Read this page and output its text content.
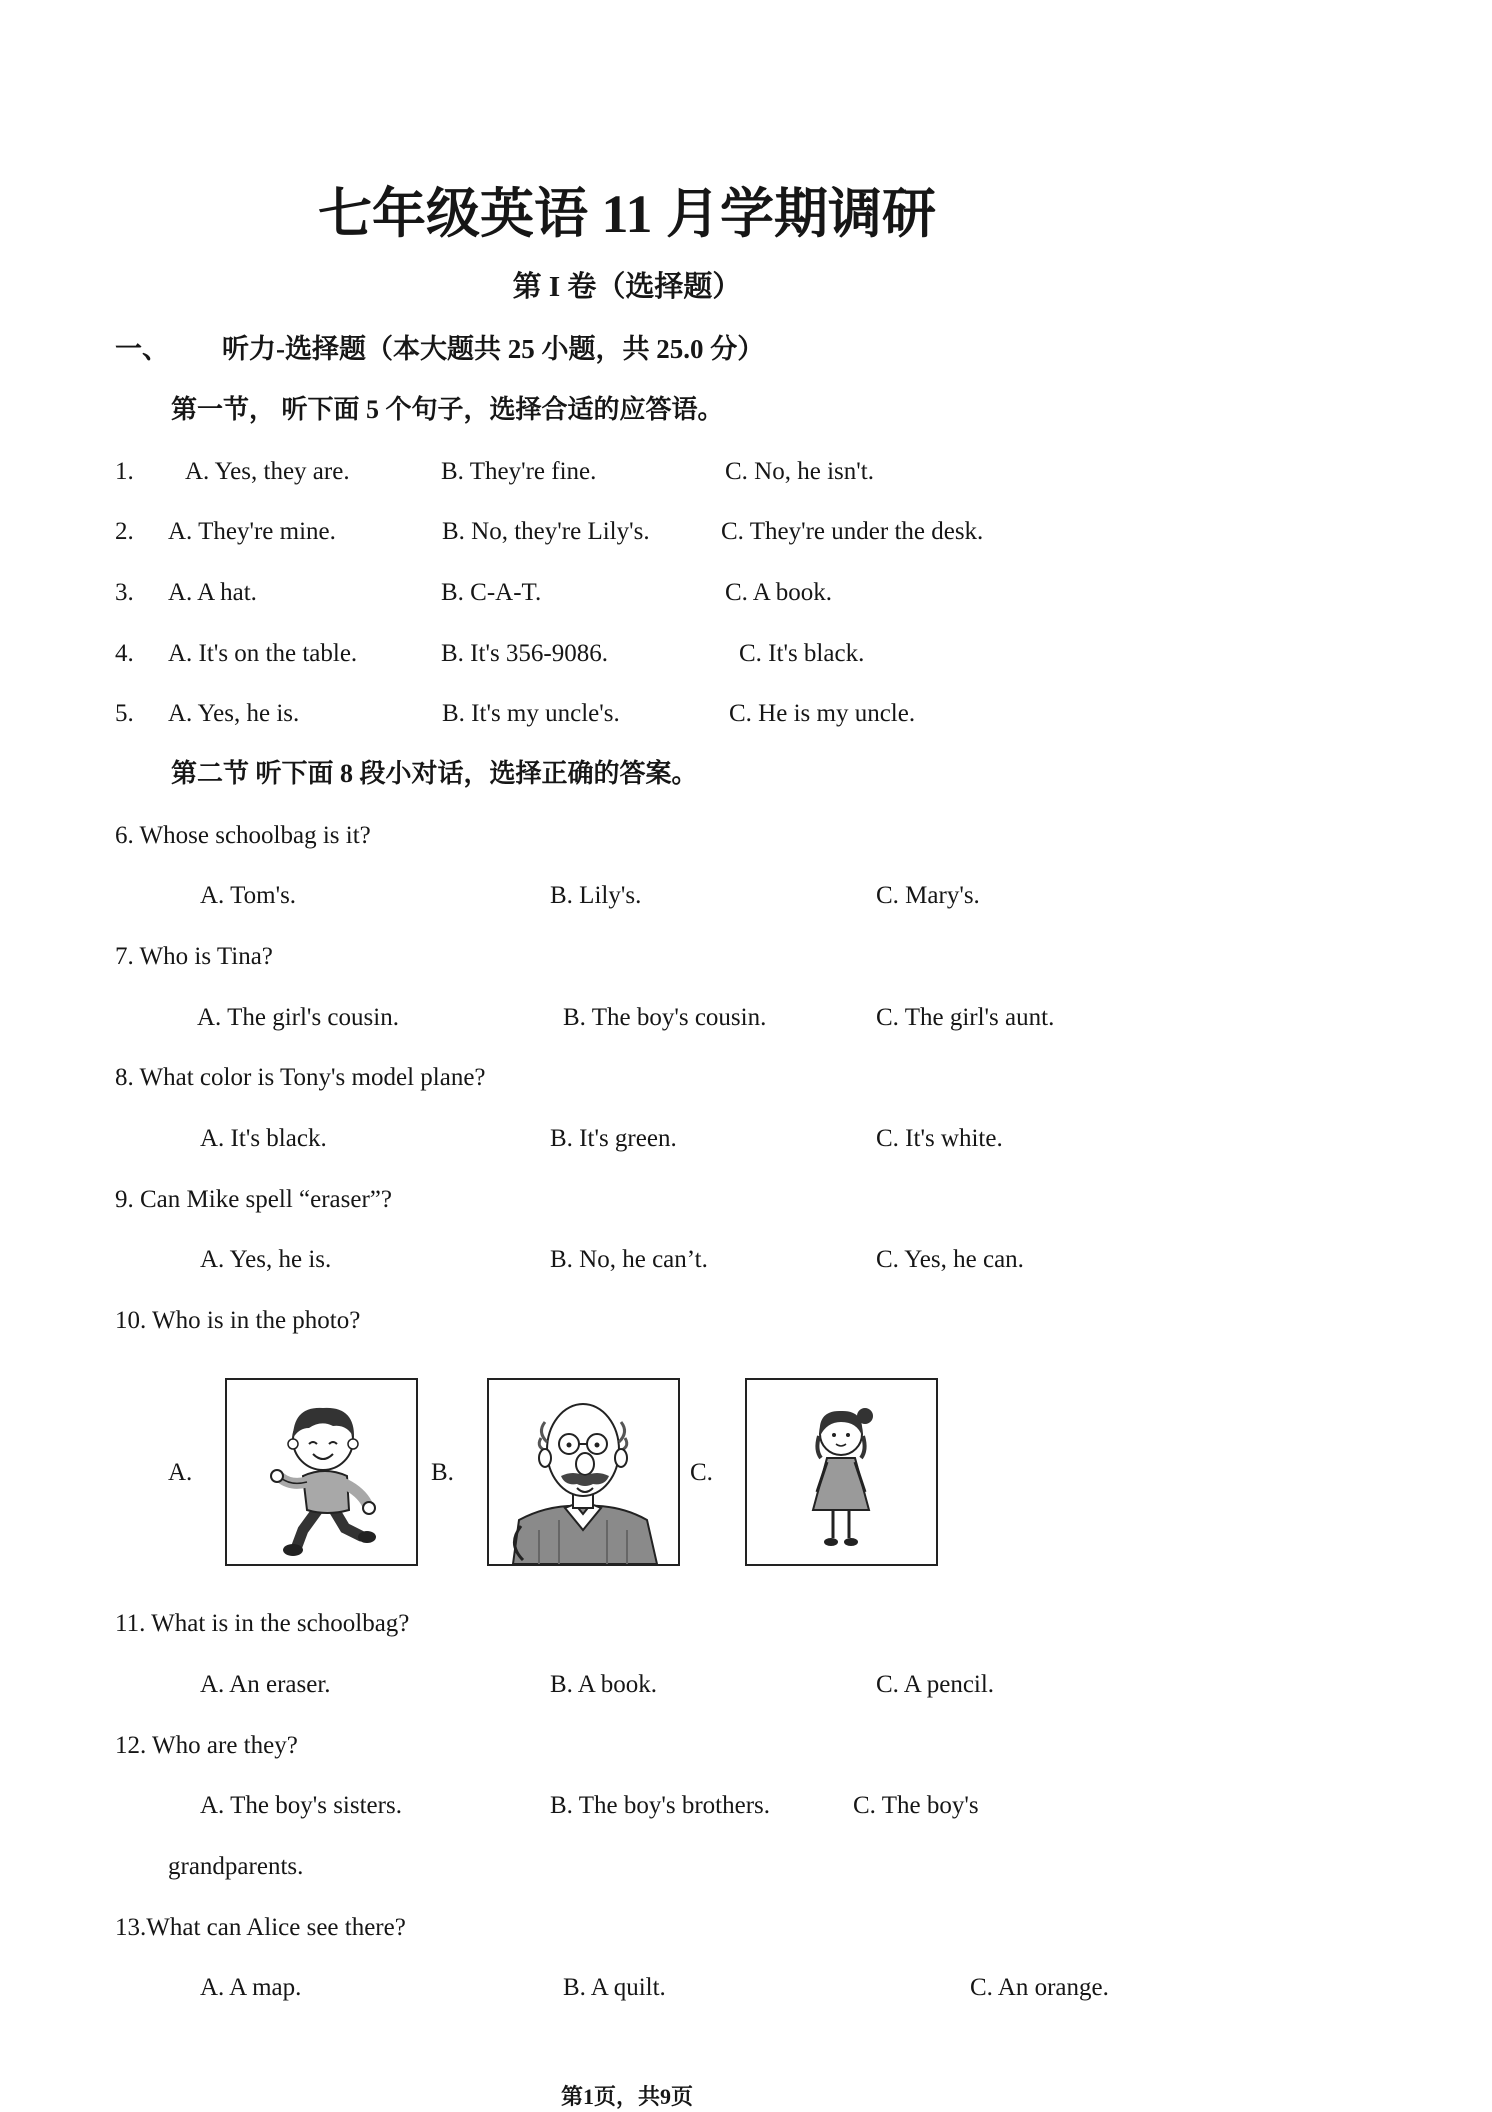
七年级英语 11 月学期调研
第 I 卷（选择题）
一、 听力-选择题（本大题共 25 小题，共 25.0 分）
第一节， 听下面 5 个句子，选择合适的应答语。
1. A. Yes, they are.	B. They're fine.	C. No, he isn't.
2. A. They're mine.	B. No, they're Lily's.	C. They're under the desk.
3. A. A hat.	B. C-A-T.	C. A book.
4. A. It's on the table.	B. It's 356-9086.	C. It's black.
5. A. Yes, he is.	B. It's my uncle's.	C. He is my uncle.
第二节 听下面 8 段小对话，选择正确的答案。
6. Whose schoolbag is it?
A. Tom's.	B. Lily's.	C. Mary's.
7. Who is Tina?
A. The girl's cousin.	B. The boy's cousin.	C. The girl's aunt.
8. What color is Tony's model plane?
A. It's black.	B. It's green.	C. It's white.
9. Can Mike spell “eraser”?
A. Yes, he is.	B. No, he can’t.	C. Yes, he can.
10. Who is in the photo?
A.	B.	C.
11. What is in the schoolbag?
A. An eraser.	B. A book.	C. A pencil.
12. Who are they?
A. The boy's sisters.	B. The boy's brothers.	C. The boy's
grandparents.
13.What can Alice see there?
A. A map.	B. A quilt.	C. An orange.
第1页，共9页
